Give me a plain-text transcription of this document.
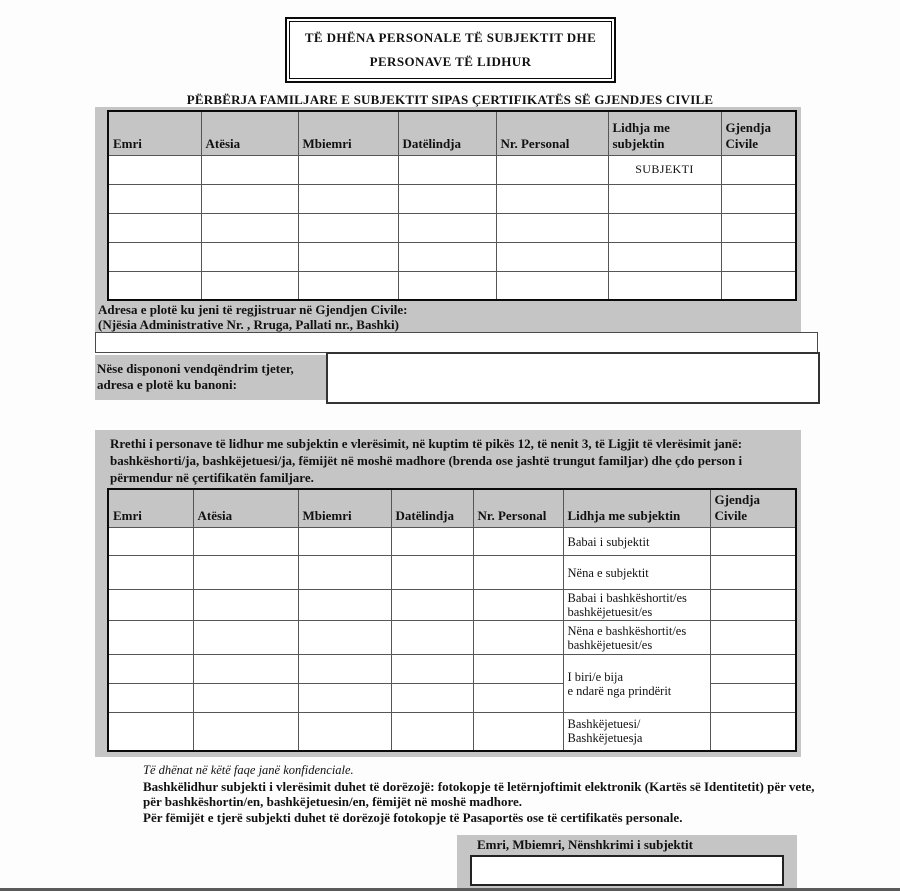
TË DHËNA PERSONALE TË SUBJEKTIT DHE
PERSONAVE TË LIDHUR
PËRBËRJA FAMILJARE E SUBJEKTIT SIPAS ÇERTIFIKATËS SË GJENDJES CIVILE
Emri	Atësia	Mbiemri	Datëlindja	Nr. Personal	Lidhja me subjektin	Gjendja Civile
					SUBJEKTI	

Adresa e plotë ku jeni të regjistruar në Gjendjen Civile:
(Njësia Administrative Nr. , Rruga, Pallati nr., Bashki)
Nëse dispononi vendqëndrim tjeter,
adresa e plotë ku banoni:
Rrethi i personave të lidhur me subjektin e vlerësimit, në kuptim të pikës 12, të nenit 3, të Ligjit të vlerësimit janë: bashkëshorti/ja, bashkëjetuesi/ja, fëmijët në moshë madhore (brenda ose jashtë trungut familjar) dhe çdo person i përmendur në çertifikatën familjare.
Emri	Atësia	Mbiemri	Datëlindja	Nr. Personal	Lidhja me subjektin	Gjendja Civile
					Babai i subjektit	
					Nëna e subjektit	
					Babai i bashkëshortit/es
bashkëjetuesit/es	
					Nëna e bashkëshortit/es
bashkëjetuesit/es	
					I biri/e bija
e ndarë nga prindërit	

					Bashkëjetuesi/
Bashkëjetuesja	
Të dhënat në këtë faqe janë konfidenciale.
Bashkëlidhur subjekti i vlerësimit duhet të dorëzojë: fotokopje të letërnjoftimit elektronik (Kartës së Identitetit) për vete, për bashkëshortin/en, bashkëjetuesin/en, fëmijët në moshë madhore.
Për fëmijët e tjerë subjekti duhet të dorëzojë fotokopje të Pasaportës ose të certifikatës personale.
Emri, Mbiemri, Nënshkrimi i subjektit
